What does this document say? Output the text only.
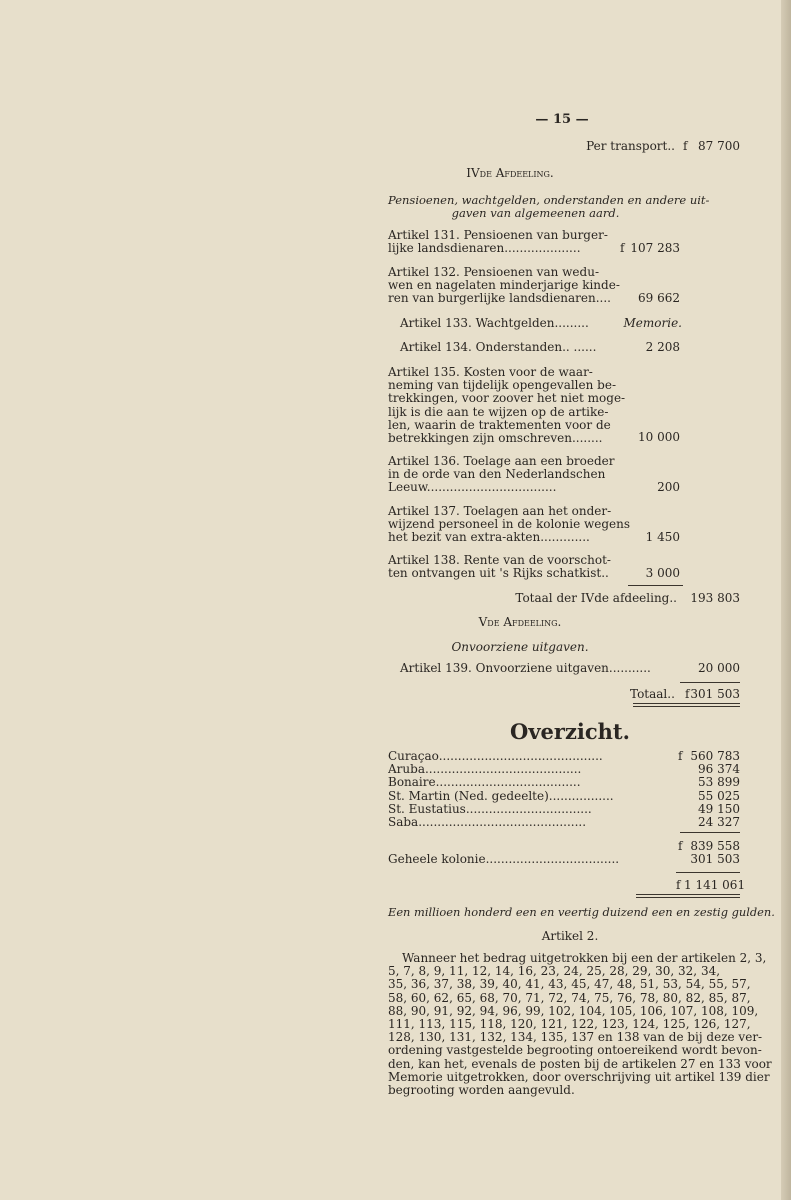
— 15 —
Per transport.. f 87 700
IVde Afdeeling.
Pensioenen, wachtgelden, onderstanden en andere uit-
gaven van algemeenen aard.
Artikel 131. Pensioenen van burger-
lijke landsdienaren....................	f 107 283
Artikel 132. Pensioenen van wedu-
wen en nagelaten minderjarige kinde-
ren van burgerlijke landsdienaren....	69 662
Artikel 133. Wachtgelden.........	Memorie.
Artikel 134. Onderstanden.. ......	2 208
Artikel 135. Kosten voor de waar-
neming van tijdelijk opengevallen be-
trekkingen, voor zoover het niet moge-
lijk is die aan te wijzen op de artike-
len, waarin de traktementen voor de
betrekkingen zijn omschreven........	10 000
Artikel 136. Toelage aan een broeder
in de orde van den Nederlandschen
Leeuw..................................	200
Artikel 137. Toelagen aan het onder-
wijzend personeel in de kolonie wegens
het bezit van extra-akten.............	1 450
Artikel 138. Rente van de voorschot-
ten ontvangen uit 's Rijks schatkist..	3 000
Totaal der IVde afdeeling..	193 803
Vde Afdeeling.
Onvoorziene uitgaven.
Artikel 139. Onvoorziene uitgaven...........	20 000
Totaal.. f 301 503
Overzicht.
Curaçao...........................................	f 560 783
Aruba.........................................	96 374
Bonaire......................................	53 899
St. Martin (Ned. gedeelte).................	55 025
St. Eustatius.................................	49 150
Saba............................................	24 327
f 839 558
Geheele kolonie...................................	301 503
f 1 141 061
Een millioen honderd een en veertig duizend een en zestig gulden.
Artikel 2.
Wanneer het bedrag uitgetrokken bij een der artikelen 2, 3,
5, 7, 8, 9, 11, 12, 14, 16, 23, 24, 25, 28, 29, 30, 32, 34,
35, 36, 37, 38, 39, 40, 41, 43, 45, 47, 48, 51, 53, 54, 55, 57,
58, 60, 62, 65, 68, 70, 71, 72, 74, 75, 76, 78, 80, 82, 85, 87,
88, 90, 91, 92, 94, 96, 99, 102, 104, 105, 106, 107, 108, 109,
111, 113, 115, 118, 120, 121, 122, 123, 124, 125, 126, 127,
128, 130, 131, 132, 134, 135, 137 en 138 van de bij deze ver-
ordening vastgestelde begrooting ontoereikend wordt bevon-
den, kan het, evenals de posten bij de artikelen 27 en 133 voor
Memorie uitgetrokken, door overschrijving uit artikel 139 dier
begrooting worden aangevuld.
